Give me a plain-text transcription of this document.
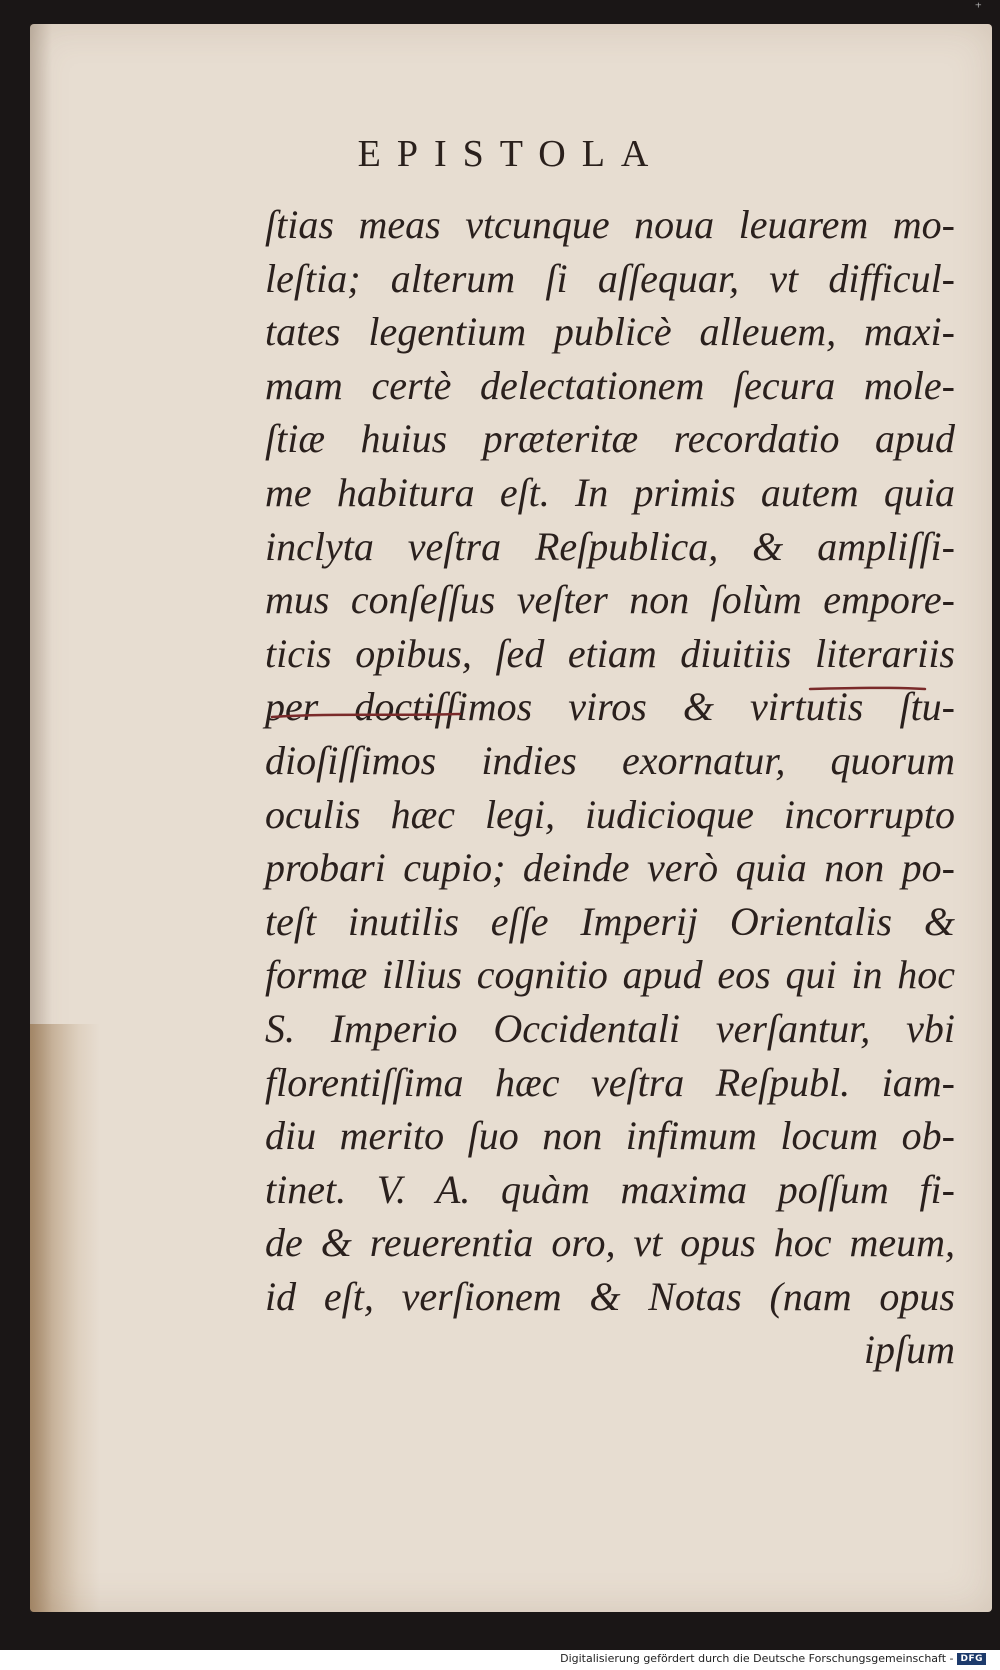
⁺
EPISTOLA
ſtias meas vtcunque noua leuarem mo-
leſtia; alterum ſi aſſequar, vt difficul-
tates legentium publicè alleuem, maxi-
mam certè delectationem ſecura mole-
ſtiæ huius præteritæ recordatio apud
me habitura eſt. In primis autem quia
inclyta veſtra Reſpublica, & ampliſſi-
mus conſeſſus veſter non ſolùm empore-
ticis opibus, ſed etiam diuitiis literariis
per doctiſſimos viros & virtutis ſtu-
dioſiſſimos indies exornatur, quorum
oculis hæc legi, iudicioque incorrupto
probari cupio; deinde verò quia non po-
teſt inutilis eſſe Imperij Orientalis &
formæ illius cognitio apud eos qui in hoc
S. Imperio Occidentali verſantur, vbi
florentiſſima hæc veſtra Reſpubl. iam-
diu merito ſuo non infimum locum ob-
tinet. V. A. quàm maxima poſſum fi-
de & reuerentia oro, vt opus hoc meum,
id eſt, verſionem & Notas (nam opus
ipſum
Digitalisierung gefördert durch die Deutsche Forschungsgemeinschaft - DFG
